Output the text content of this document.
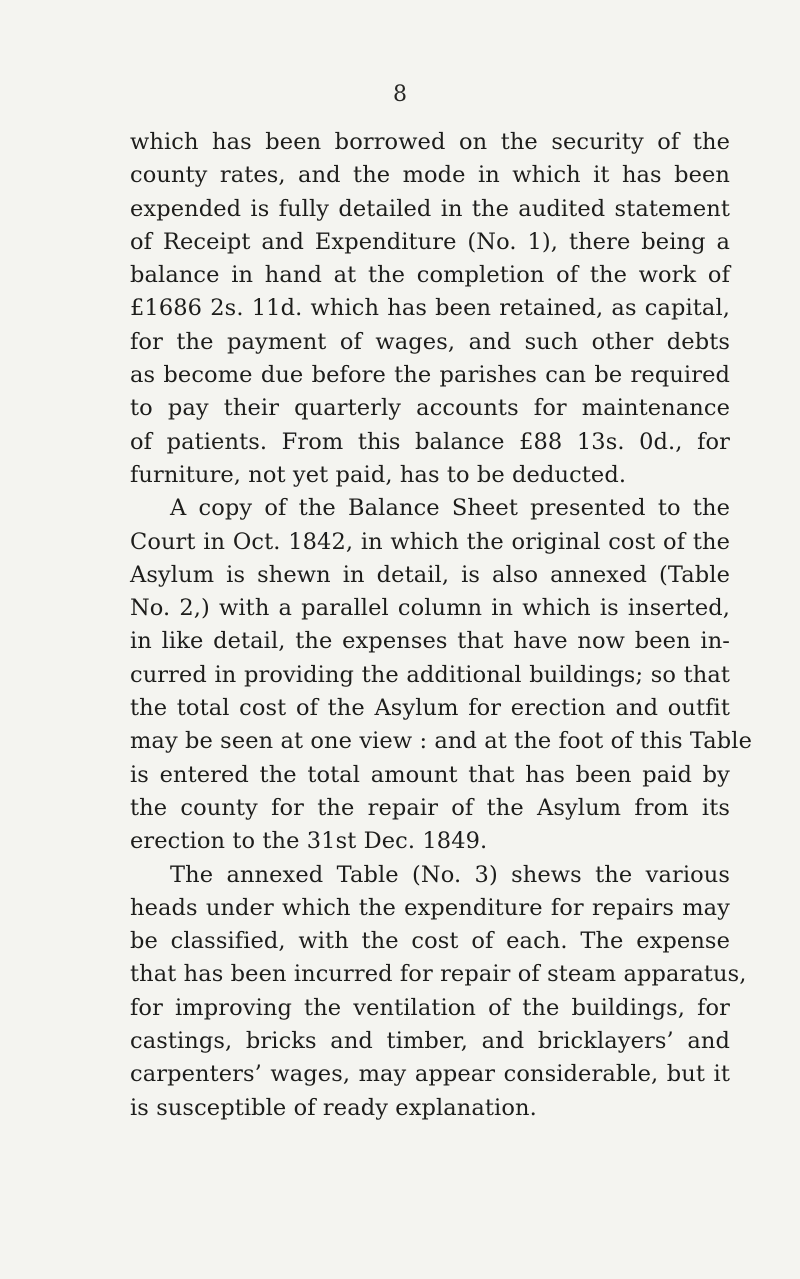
8
which has been borrowed on the security of the
county rates, and the mode in which it has been
expended is fully detailed in the audited statement
of Receipt and Expenditure (No. 1), there being a
balance in hand at the completion of the work of
£1686 2s. 11d. which has been retained, as capital,
for the payment of wages, and such other debts
as become due before the parishes can be required
to pay their quarterly accounts for maintenance
of patients. From this balance £88 13s. 0d., for
furniture, not yet paid, has to be deducted.
A copy of the Balance Sheet presented to the
Court in Oct. 1842, in which the original cost of the
Asylum is shewn in detail, is also annexed (Table
No. 2,) with a parallel column in which is inserted,
in like detail, the expenses that have now been in-
curred in providing the additional buildings; so that
the total cost of the Asylum for erection and outfit
may be seen at one view : and at the foot of this Table
is entered the total amount that has been paid by
the county for the repair of the Asylum from its
erection to the 31st Dec. 1849.
The annexed Table (No. 3) shews the various
heads under which the expenditure for repairs may
be classified, with the cost of each. The expense
that has been incurred for repair of steam apparatus,
for improving the ventilation of the buildings, for
castings, bricks and timber, and bricklayers’ and
carpenters’ wages, may appear considerable, but it
is susceptible of ready explanation.
